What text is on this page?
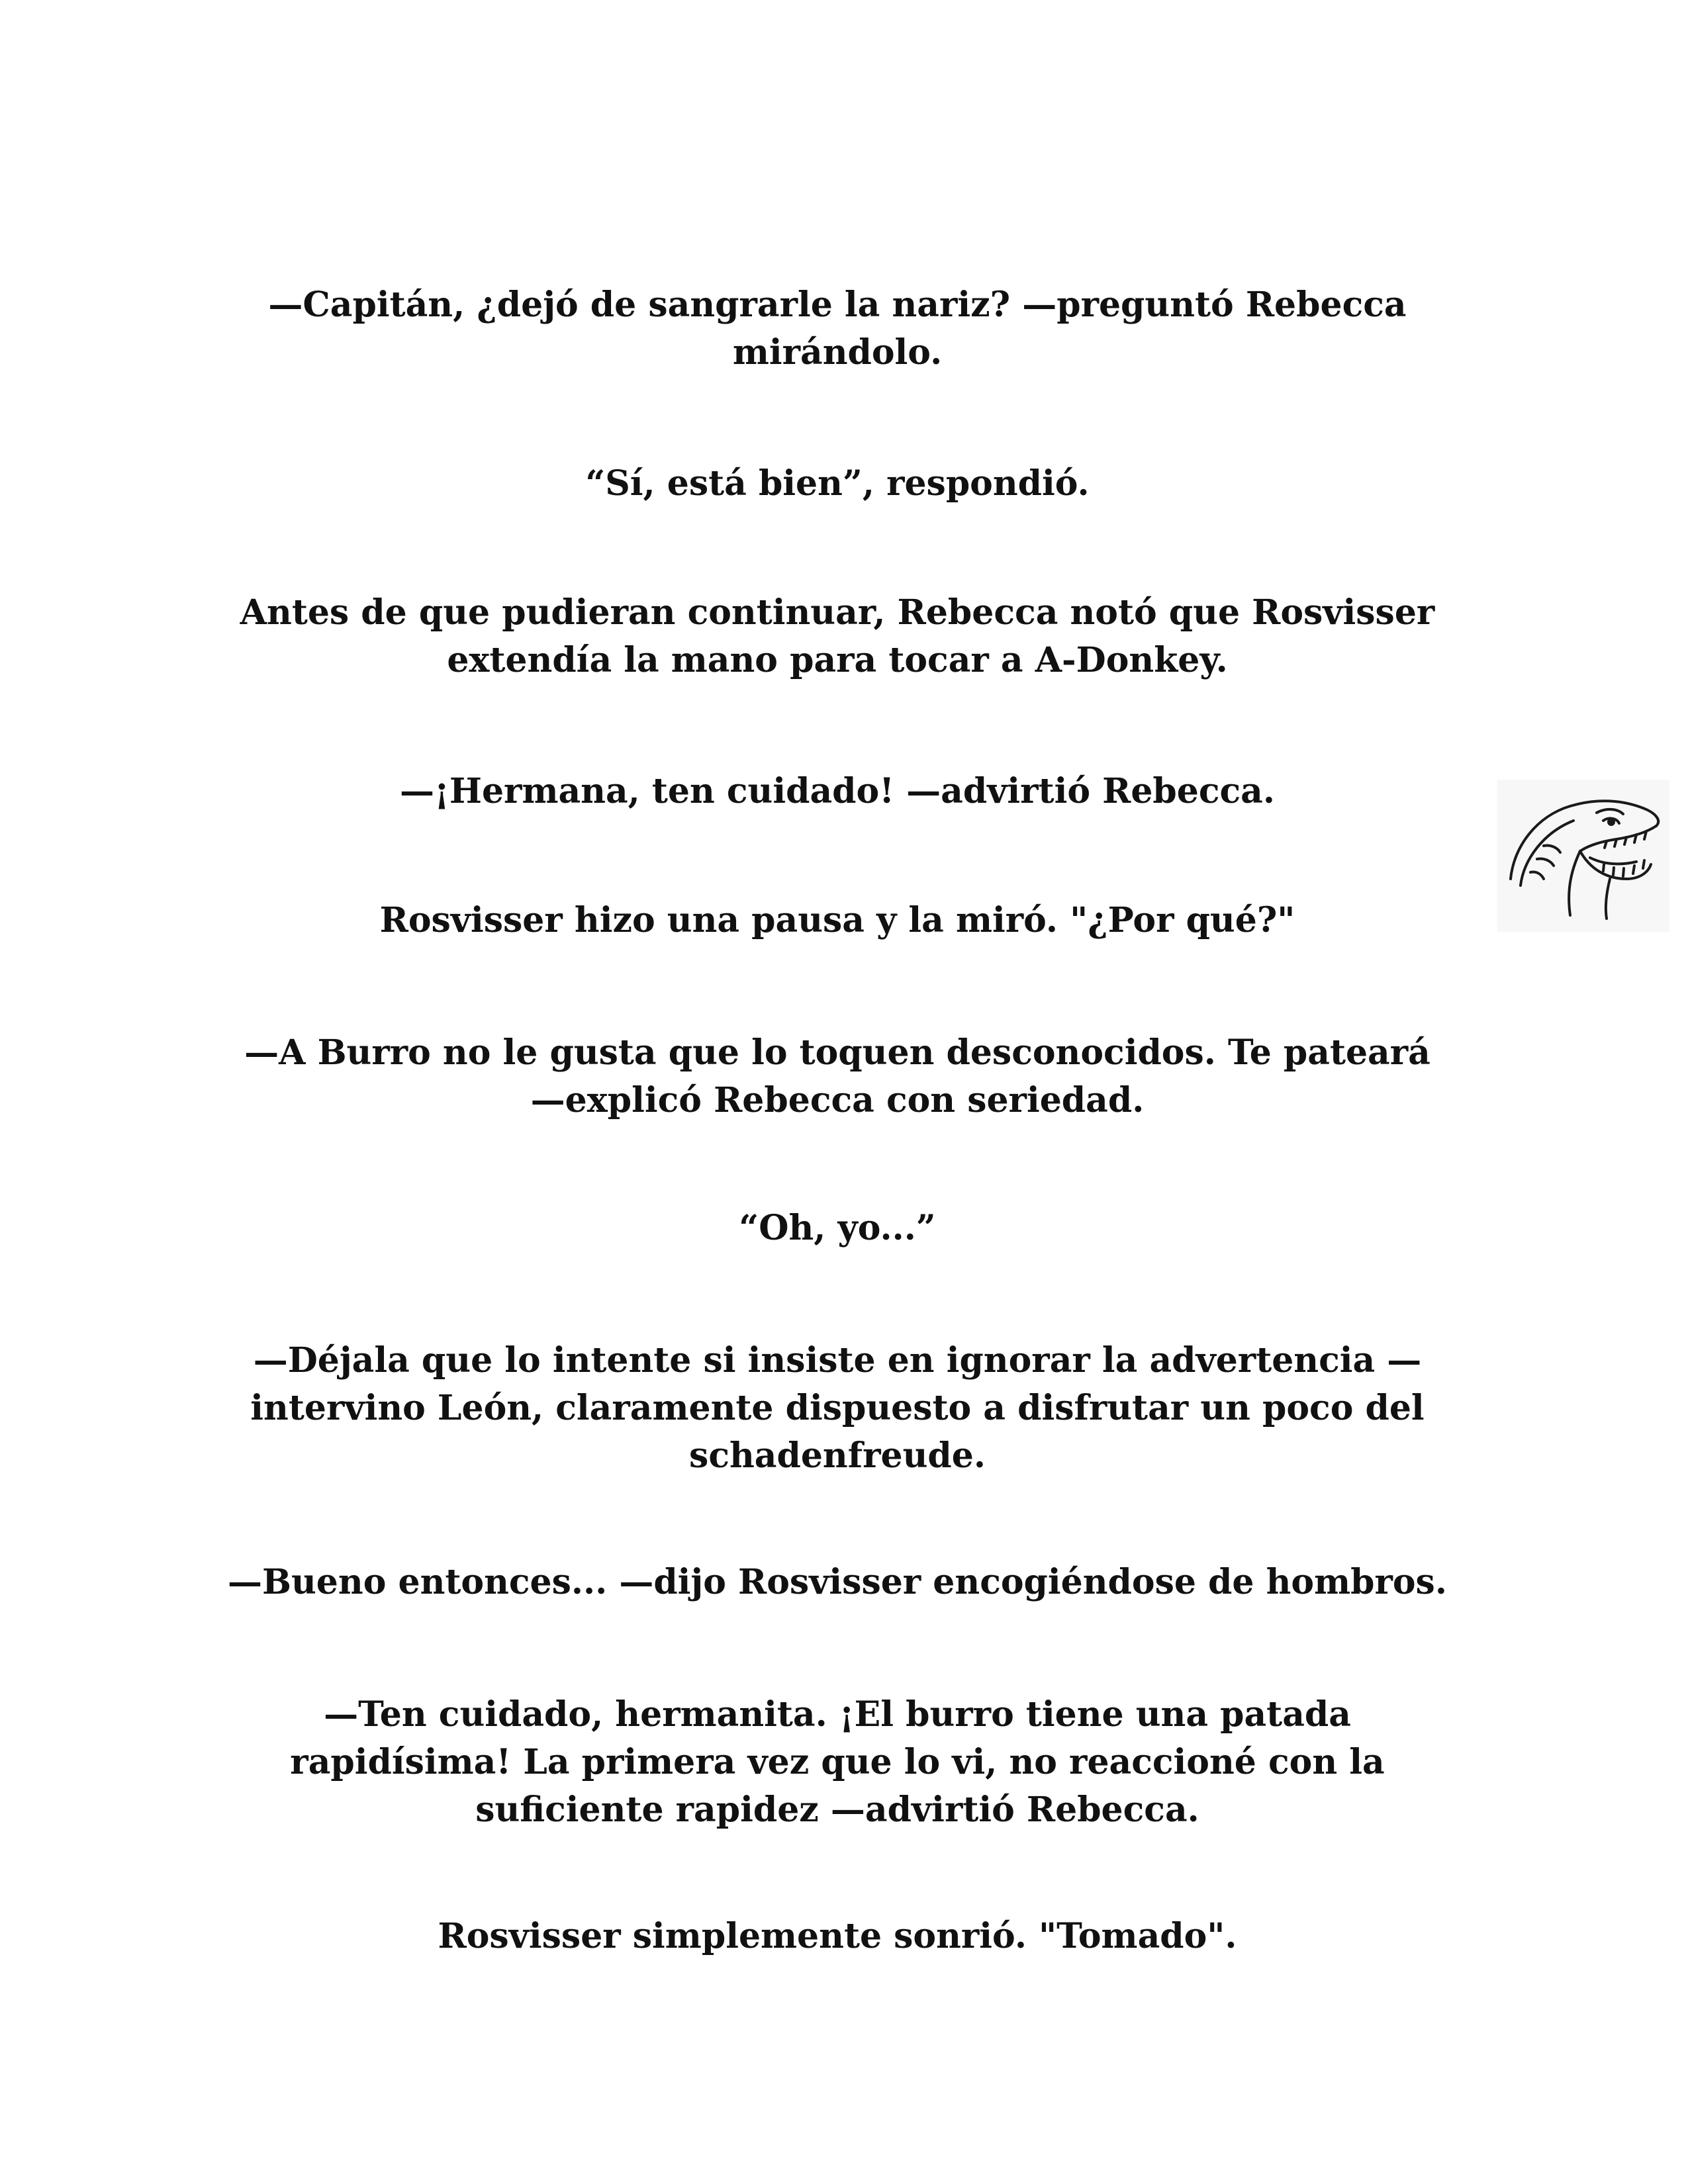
—Capitán, ¿dejó de sangrarle la nariz? —preguntó Rebecca
mirándolo.

“Sí, está bien”, respondió.

Antes de que pudieran continuar, Rebecca notó que Rosvisser
extendía la mano para tocar a A-Donkey.

—¡Hermana, ten cuidado! —advirtió Rebecca.

Rosvisser hizo una pausa y la miró. "¿Por qué?"

—A Burro no le gusta que lo toquen desconocidos. Te pateará
—explicó Rebecca con seriedad.

“Oh, yo...”

—Déjala que lo intente si insiste en ignorar la advertencia —
intervino León, claramente dispuesto a disfrutar un poco del
schadenfreude.

—Bueno entonces... —dijo Rosvisser encogiéndose de hombros.

—Ten cuidado, hermanita. ¡El burro tiene una patada
rapidísima! La primera vez que lo vi, no reaccioné con la
suficiente rapidez —advirtió Rebecca.

Rosvisser simplemente sonrió. "Tomado".
